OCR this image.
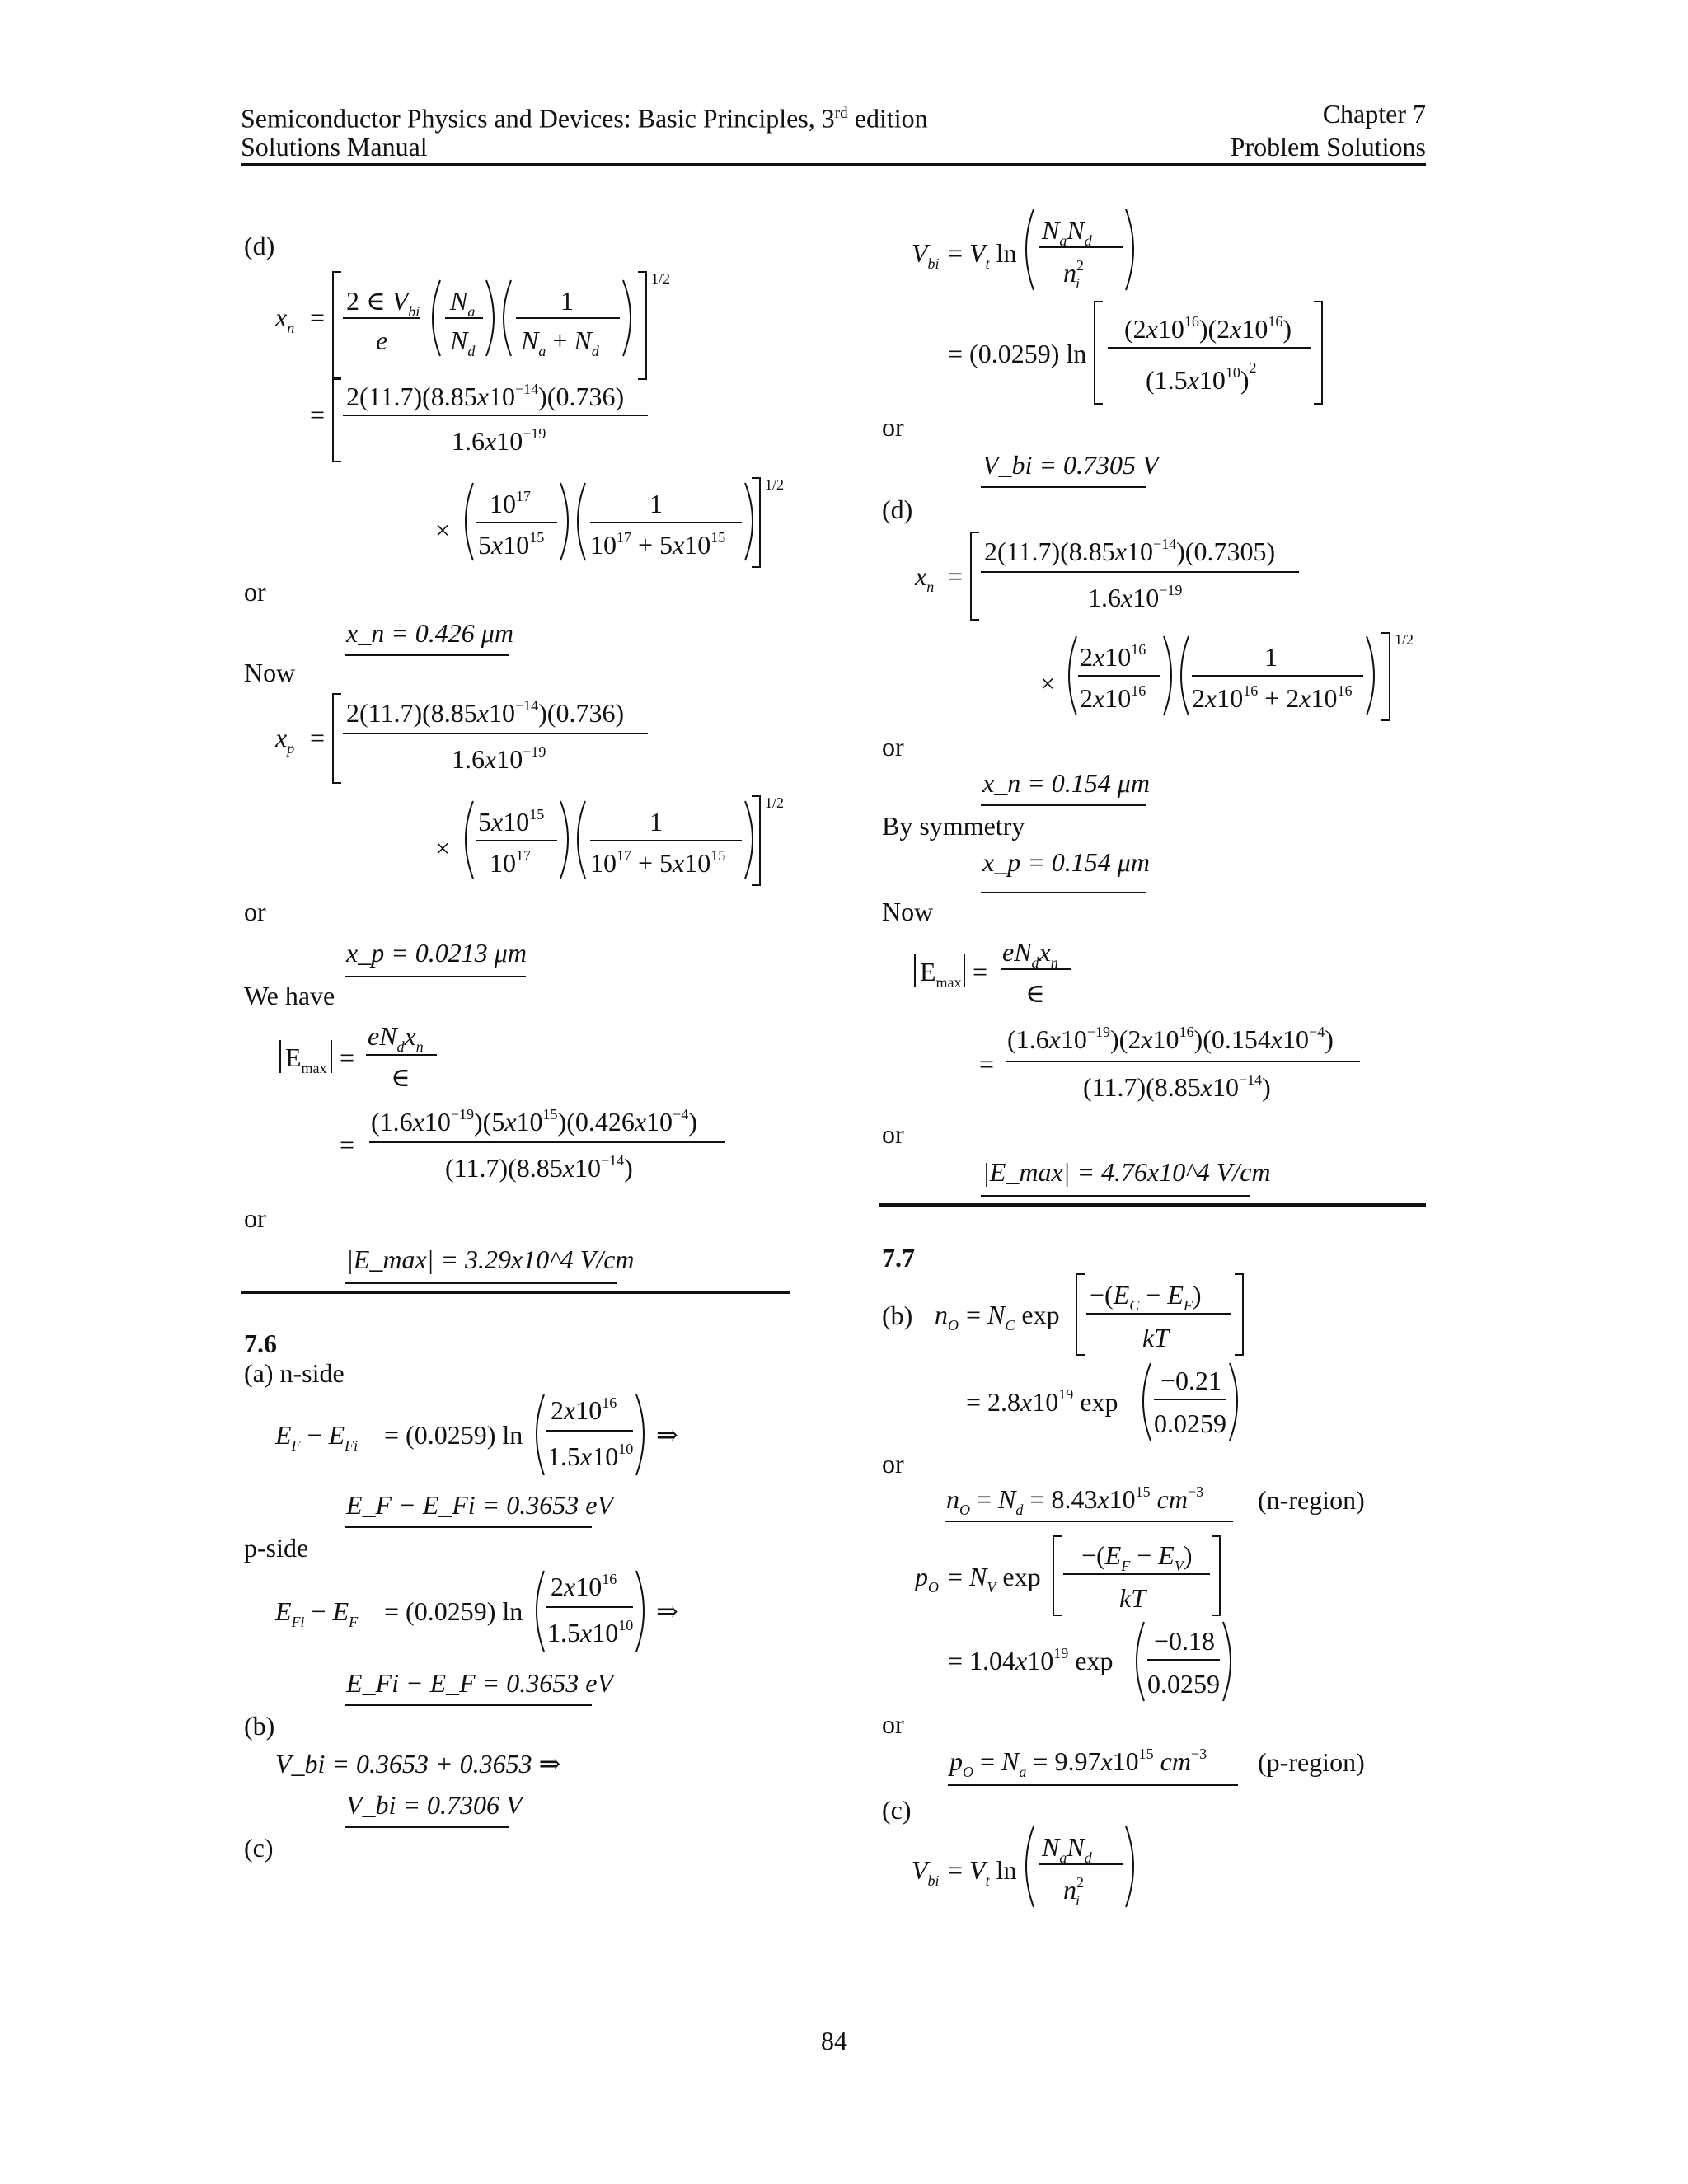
Semiconductor Physics and Devices: Basic Principles, 3rd edition
Solutions Manual
Chapter 7
Problem Solutions
(d)
$x_n$ =
2 ∈ $V_{bi}$
e
$N_a$
$N_d$
1
$N_a + N_d$
1/2
=
$2(11.7)(8.85x10^{-14})(0.736)$
$1.6x10^{-19}$
×
$10^{17}$
$5x10^{15}$
1
$10^{17} + 5x10^{15}$
1/2
or
x_n = 0.426 μm
Now
$x_p$ =
$2(11.7)(8.85x10^{-14})(0.736)$
$1.6x10^{-19}$
×
$5x10^{15}$
$10^{17}$
1
$10^{17} + 5x10^{15}$
1/2
or
x_p = 0.0213 μm
We have
$E_{max}$ =
$eN_dx_n$
∈
=
$(1.6x10^{-19})(5x10^{15})(0.426x10^{-4})$
$(11.7)(8.85x10^{-14})$
or
|E_max| = 3.29x10^4 V/cm
7.6
(a) n-side
$E_F - E_{Fi} = (0.0259)$ ln
$2x10^{16}$
$1.5x10^{10}$ ⇒
E_F − E_Fi = 0.3653 eV
p-side
$E_{Fi} - E_F = (0.0259)$ ln
$2x10^{16}$
$1.5x10^{10}$ ⇒
E_Fi − E_F = 0.3653 eV
(b)
V_bi = 0.3653 + 0.3653 ⇒
V_bi = 0.7306 V
(c)
$V_{bi} = V_t$ ln
$N_aN_d$
$n^2$ i
= (0.0259) ln
$(2x10^{16})(2x10^{16})$
$(1.5x10^{10})^2$
or
V_bi = 0.7305 V
(d)
$x_n$ =
$2(11.7)(8.85x10^{-14})(0.7305)$
$1.6x10^{-19}$
×
$2x10^{16}$
$2x10^{16}$
1
$2x10^{16} + 2x10^{16}$
1/2
or
x_n = 0.154 μm
By symmetry
x_p = 0.154 μm
Now
$E_{max}$ =
$eN_dx_n$
∈
=
$(1.6x10^{-19})(2x10^{16})(0.154x10^{-4})$
$(11.7)(8.85x10^{-14})$
or
|E_max| = 4.76x10^4 V/cm
7.7
(b) $n_O = N_C$ exp
$-(E_C - E_F)$
kT
= $2.8x10^{19}$ exp
−0.21
0.0259
or
$n_O = N_d = 8.43x10^{15}$ $cm^{-3}$ (n-region)
$p_O = N_V$ exp
$-(E_F - E_V)$
kT
= $1.04x10^{19}$ exp
−0.18
0.0259
or
$p_O = N_a = 9.97x10^{15}$ $cm^{-3}$ (p-region)
(c)
$V_{bi} = V_t$ ln
$N_aN_d$
$n^2$ i
84
